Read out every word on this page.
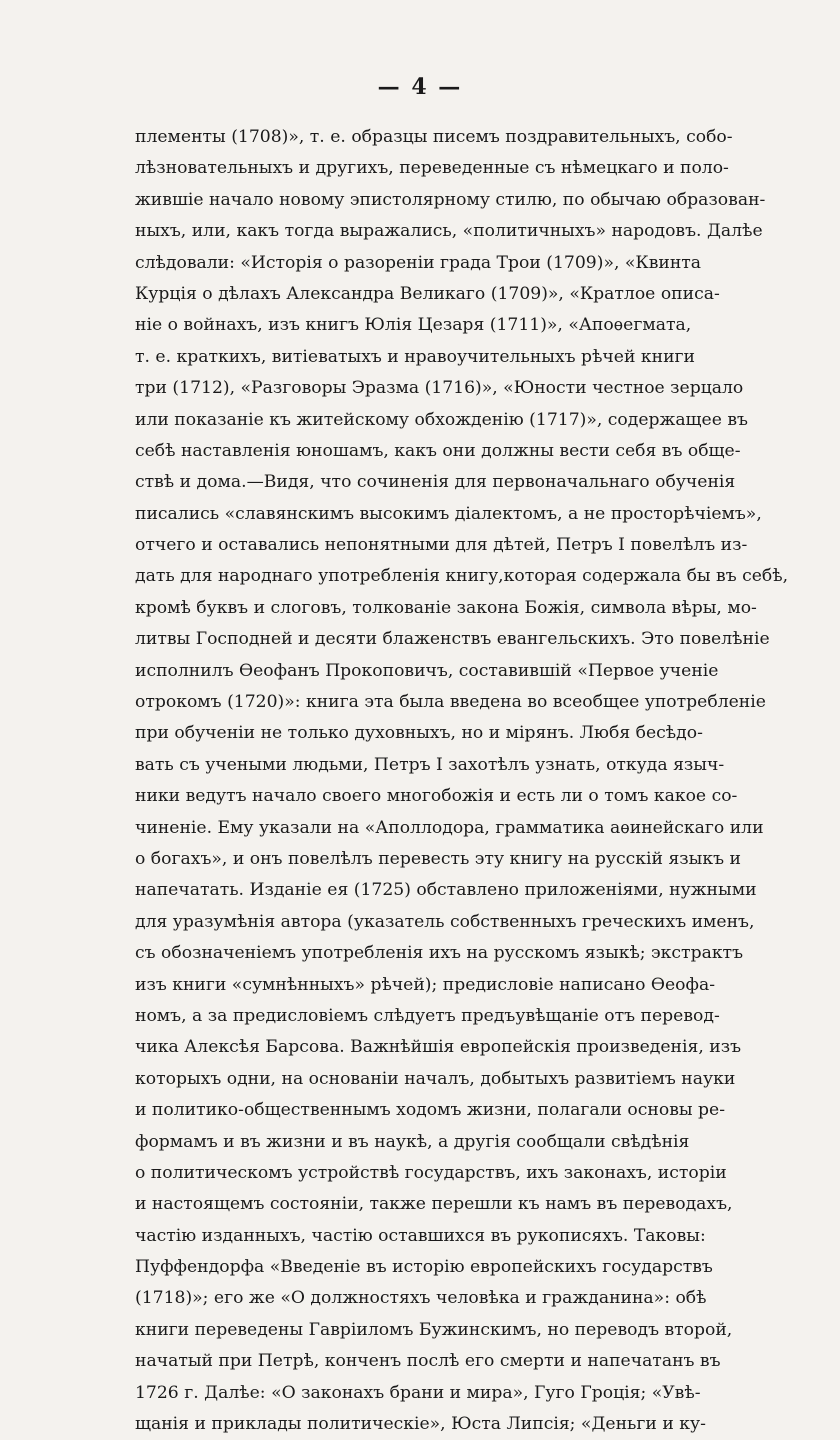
— 4 —
плементы (1708)», т. е. образцы писемъ поздравительныхъ, собо-
лѣзновательныхъ и другихъ, переведенные съ нѣмецкаго и поло-
жившіе начало новому эпистолярному стилю, по обычаю образован-
ныхъ, или, какъ тогда выражались, «политичныхъ» народовъ. Далѣе
слѣдовали: «Исторія о разореніи града Трои (1709)», «Квинта
Курція о дѣлахъ Александра Великаго (1709)», «Кратлое описа-
ніе о войнахъ, изъ книгъ Юлія Цезаря (1711)», «Апоѳегмата,
т. е. краткихъ, витіеватыхъ и нравоучительныхъ рѣчей книги
три (1712), «Разговоры Эразма (1716)», «Юности честное зерцало
или показаніе къ житейскому обхожденію (1717)», содержащее въ
себѣ наставленія юношамъ, какъ они должны вести себя въ обще-
ствѣ и дома.—Видя, что сочиненія для первоначальнаго обученія
писались «славянскимъ высокимъ діалектомъ, а не просторѣчіемъ»,
отчего и оставались непонятными для дѣтей, Петръ I повелѣлъ из-
дать для народнаго употребленія книгу,которая содержала бы въ себѣ,
кромѣ буквъ и слоговъ, толкованіе закона Божія, символа вѣры, мо-
литвы Господней и десяти блаженствъ евангельскихъ. Это повелѣніе
исполнилъ Ѳеофанъ Прокоповичъ, составившій «Первое ученіе
отрокомъ (1720)»: книга эта была введена во всеобщее употребленіе
при обученіи не только духовныхъ, но и мірянъ. Любя бесѣдо-
вать съ учеными людьми, Петръ I захотѣлъ узнать, откуда языч-
ники ведутъ начало своего многобожія и есть ли о томъ какое со-
чиненіе. Ему указали на «Аполлодора, грамматика аѳинейскаго или
о богахъ», и онъ повелѣлъ перевесть эту книгу на русскій языкъ и
напечатать. Изданіе ея (1725) обставлено приложеніями, нужными
для уразумѣнія автора (указатель собственныхъ греческихъ именъ,
съ обозначеніемъ употребленія ихъ на русскомъ языкѣ; экстрактъ
изъ книги «сумнѣнныхъ» рѣчей); предисловіе написано Ѳеофа-
номъ, а за предисловіемъ слѣдуетъ предъувѣщаніе отъ перевод-
чика Алексѣя Барсова. Важнѣйшія европейскія произведенія, изъ
которыхъ одни, на основаніи началъ, добытыхъ развитіемъ науки
и политико-общественнымъ ходомъ жизни, полагали основы ре-
формамъ и въ жизни и въ наукѣ, а другія сообщали свѣдѣнія
о политическомъ устройствѣ государствъ, ихъ законахъ, исторіи
и настоящемъ состояніи, также перешли къ намъ въ переводахъ,
частію изданныхъ, частію оставшихся въ рукописяхъ. Таковы:
Пуффендорфа «Введеніе въ исторію европейскихъ государствъ
(1718)»; его же «О должностяхъ человѣка и гражданина»: обѣ
книги переведены Гавріиломъ Бужинскимъ, но переводъ второй,
начатый при Петрѣ, конченъ послѣ его смерти и напечатанъ въ
1726 г. Далѣе: «О законахъ брани и мира», Гуго Гроція; «Увѣ-
щанія и приклады политическіе», Юста Липсія; «Деньги и ку-
